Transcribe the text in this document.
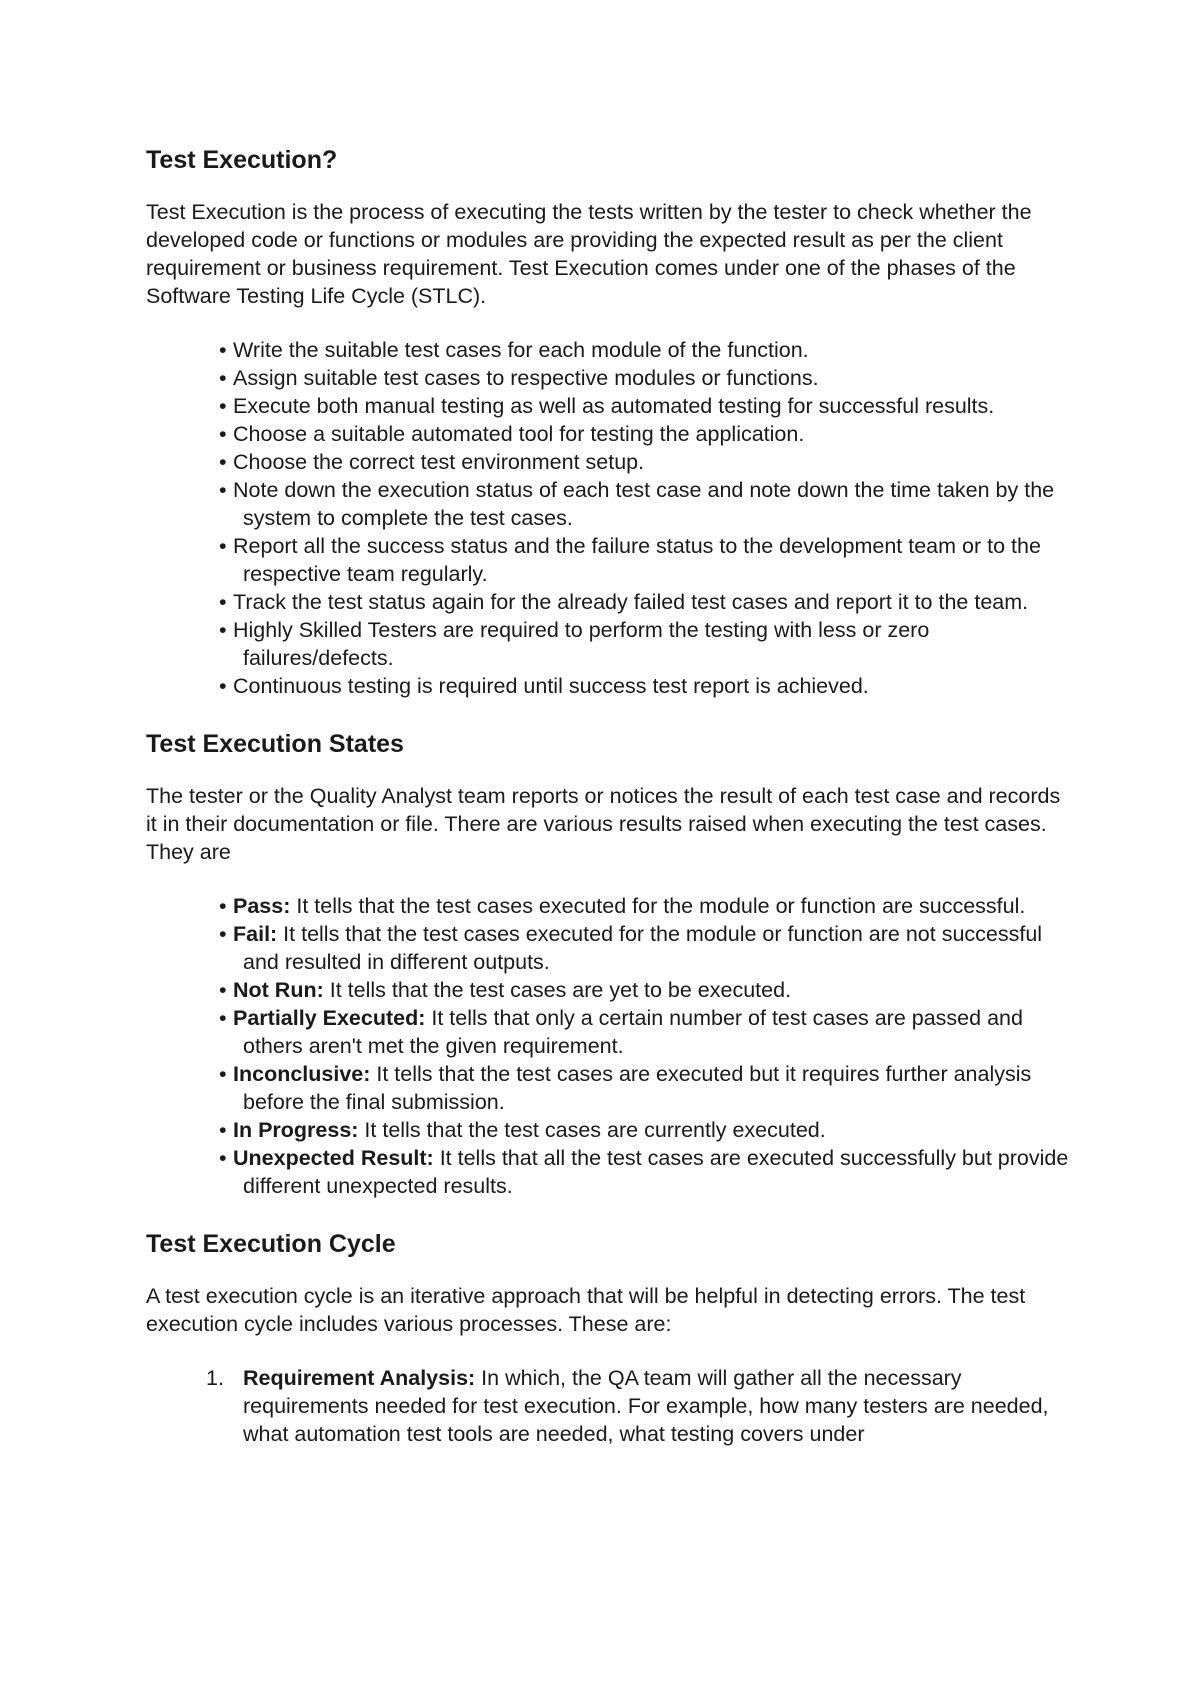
Test Execution?

Test Execution is the process of executing the tests written by the tester to check whether the developed code or functions or modules are providing the expected result as per the client requirement or business requirement. Test Execution comes under one of the phases of the Software Testing Life Cycle (STLC).

•Write the suitable test cases for each module of the function.
•Assign suitable test cases to respective modules or functions.
•Execute both manual testing as well as automated testing for successful results.
•Choose a suitable automated tool for testing the application.
•Choose the correct test environment setup.
•Note down the execution status of each test case and note down the time taken by the system to complete the test cases.
•Report all the success status and the failure status to the development team or to the respective team regularly.
•Track the test status again for the already failed test cases and report it to the team.
•Highly Skilled Testers are required to perform the testing with less or zero failures/defects.
•Continuous testing is required until success test report is achieved.
Test Execution States

The tester or the Quality Analyst team reports or notices the result of each test case and records it in their documentation or file. There are various results raised when executing the test cases. They are

•Pass: It tells that the test cases executed for the module or function are successful.
•Fail: It tells that the test cases executed for the module or function are not successful and resulted in different outputs.
•Not Run: It tells that the test cases are yet to be executed.
•Partially Executed: It tells that only a certain number of test cases are passed and others aren't met the given requirement.
•Inconclusive: It tells that the test cases are executed but it requires further analysis before the final submission.
•In Progress: It tells that the test cases are currently executed.
•Unexpected Result: It tells that all the test cases are executed successfully but provide different unexpected results.
Test Execution Cycle

A test execution cycle is an iterative approach that will be helpful in detecting errors. The test execution cycle includes various processes. These are:

1. Requirement Analysis: In which, the QA team will gather all the necessary requirements needed for test execution. For example, how many testers are needed, what automation test tools are needed, what testing covers under
